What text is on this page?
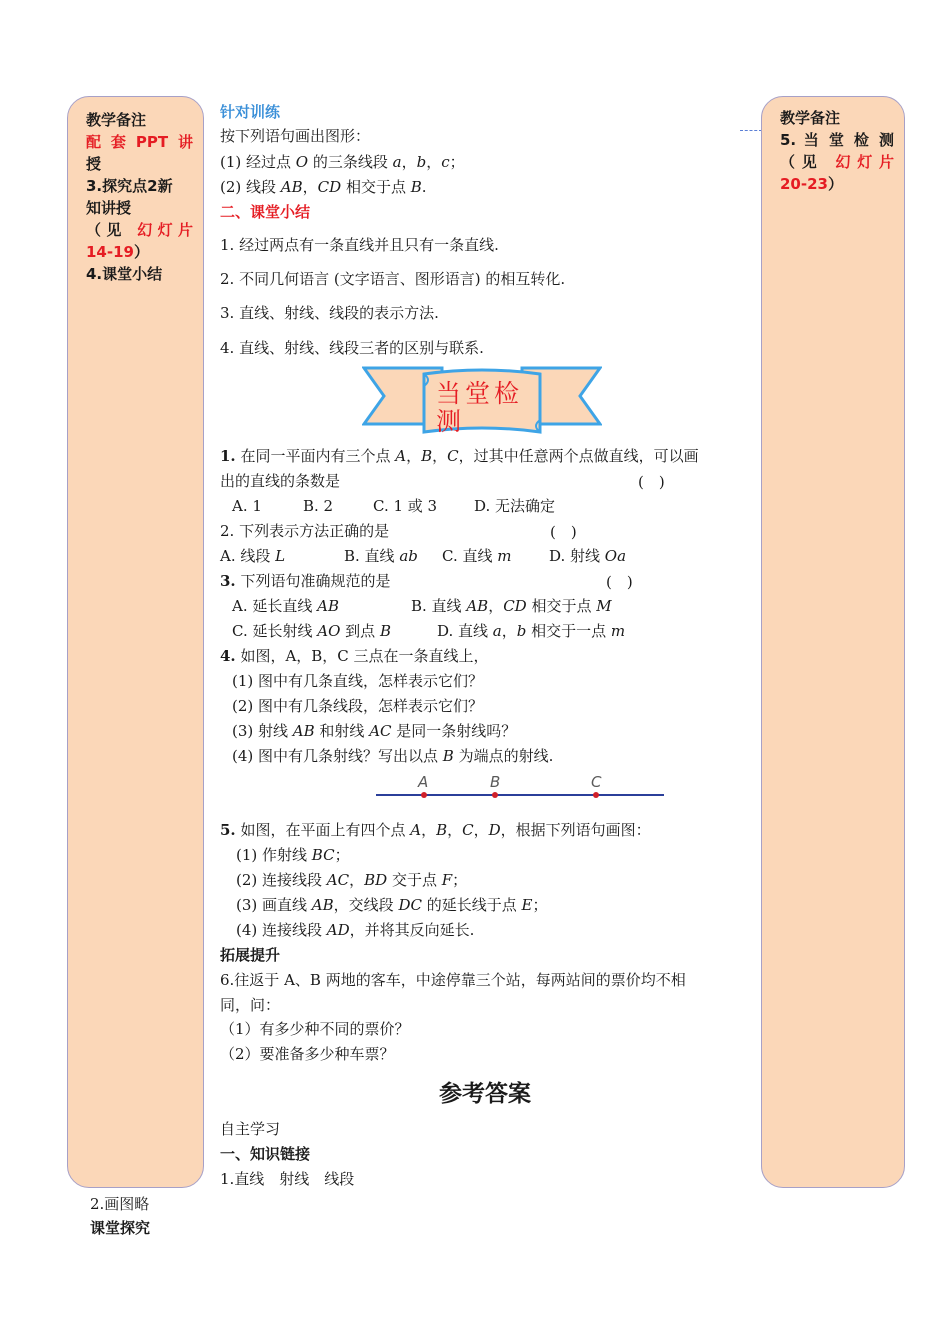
教学备注
配套PPT讲
授
3.探究点2新
知讲授
（见 幻灯片
14-19）
4.课堂小结
教学备注
5. 当 堂 检 测
（见 幻灯片
20-23）
针对训练
按下列语句画出图形：
(1) 经过点 O 的三条线段 a，b，c；
(2) 线段 AB，CD 相交于点 B.
二、课堂小结
1. 经过两点有一条直线并且只有一条直线.
2. 不同几何语言 (文字语言、图形语言) 的相互转化.
3. 直线、射线、线段的表示方法.
4. 直线、射线、线段三者的区别与联系.
当堂检测
1. 在同一平面内有三个点 A，B，C，过其中任意两个点做直线，可以画
出的直线的条数是	(　)
A. 1	B. 2	C. 1 或 3 D. 无法确定
2. 下列表示方法正确的是	(　)
A. 线段 L	B. 直线 ab C. 直线 m	D. 射线 Oa
3. 下列语句准确规范的是	(　)
A. 延长直线 AB	B. 直线 AB，CD 相交于点 M
C. 延长射线 AO 到点 B	D. 直线 a，b 相交于一点 m
4. 如图，A，B，C 三点在一条直线上，
(1) 图中有几条直线，怎样表示它们？
(2) 图中有几条线段，怎样表示它们？
(3) 射线 AB 和射线 AC 是同一条射线吗？
(4) 图中有几条射线？写出以点 B 为端点的射线.
A	B	C
5. 如图，在平面上有四个点 A，B，C，D，根据下列语句画图：
(1) 作射线 BC；
(2) 连接线段 AC，BD 交于点 F；
(3) 画直线 AB，交线段 DC 的延长线于点 E；
(4) 连接线段 AD，并将其反向延长.
拓展提升
6.往返于 A、B 两地的客车，中途停靠三个站，每两站间的票价均不相
同，问：
（1）有多少种不同的票价？
（2）要准备多少种车票？
参考答案
自主学习
一、知识链接
1.直线　射线　线段
2.画图略
课堂探究
